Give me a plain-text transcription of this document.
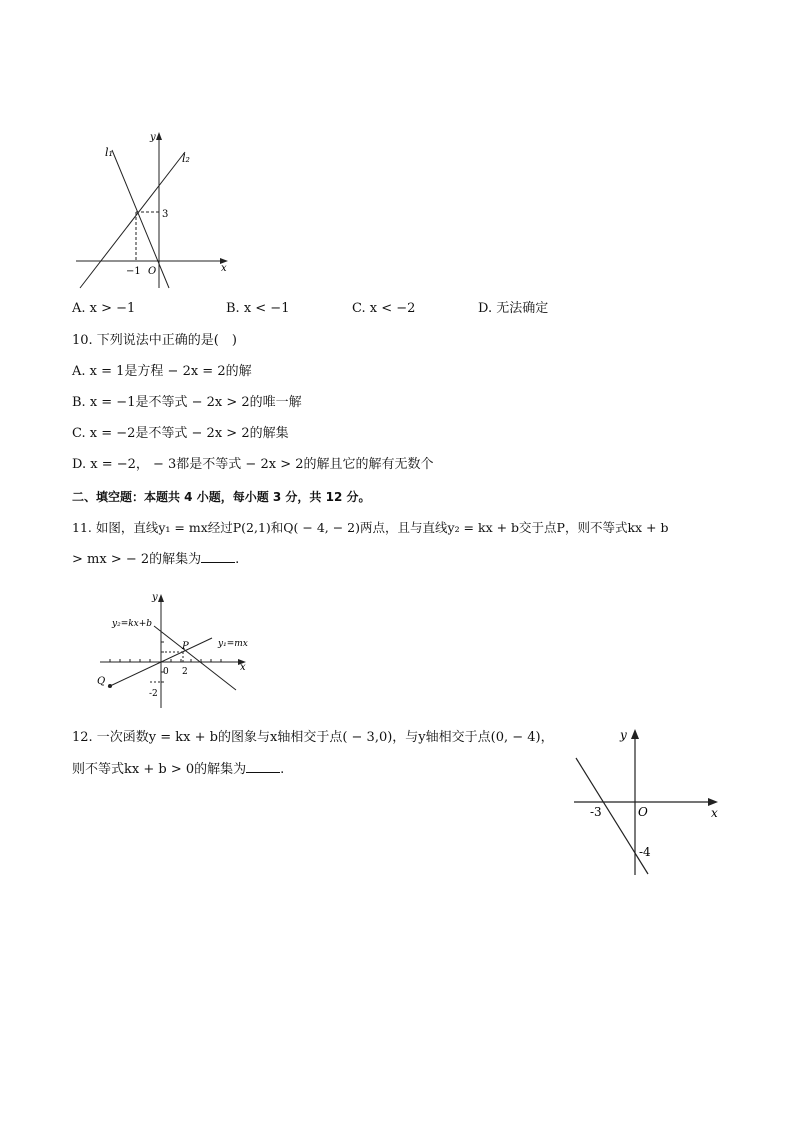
l₁	l₂
y
x
3
−1 O
A. x > −1	B. x < −1	C. x < −2	D. 无法确定
10. 下列说法中正确的是(　)
A. x = 1是方程 − 2x = 2的解
B. x = −1是不等式 − 2x > 2的唯一解
C. x = −2是不等式 − 2x > 2的解集
D. x = −2， − 3都是不等式 − 2x > 2的解且它的解有无数个
二、填空题：本题共 4 小题，每小题 3 分，共 12 分。
11. 如图，直线y₁ = mx经过P(2,1)和Q( − 4, − 2)两点，且与直线y₂ = kx + b交于点P，则不等式kx + b
> mx > − 2的解集为	.
y
x
y₂=kx+b
y₁=mx
P
Q
0 2
-2
12. 一次函数y = kx + b的图象与x轴相交于点( − 3,0)，与y轴相交于点(0, − 4)，
则不等式kx + b > 0的解集为	.
y
x
O
-3
-4
